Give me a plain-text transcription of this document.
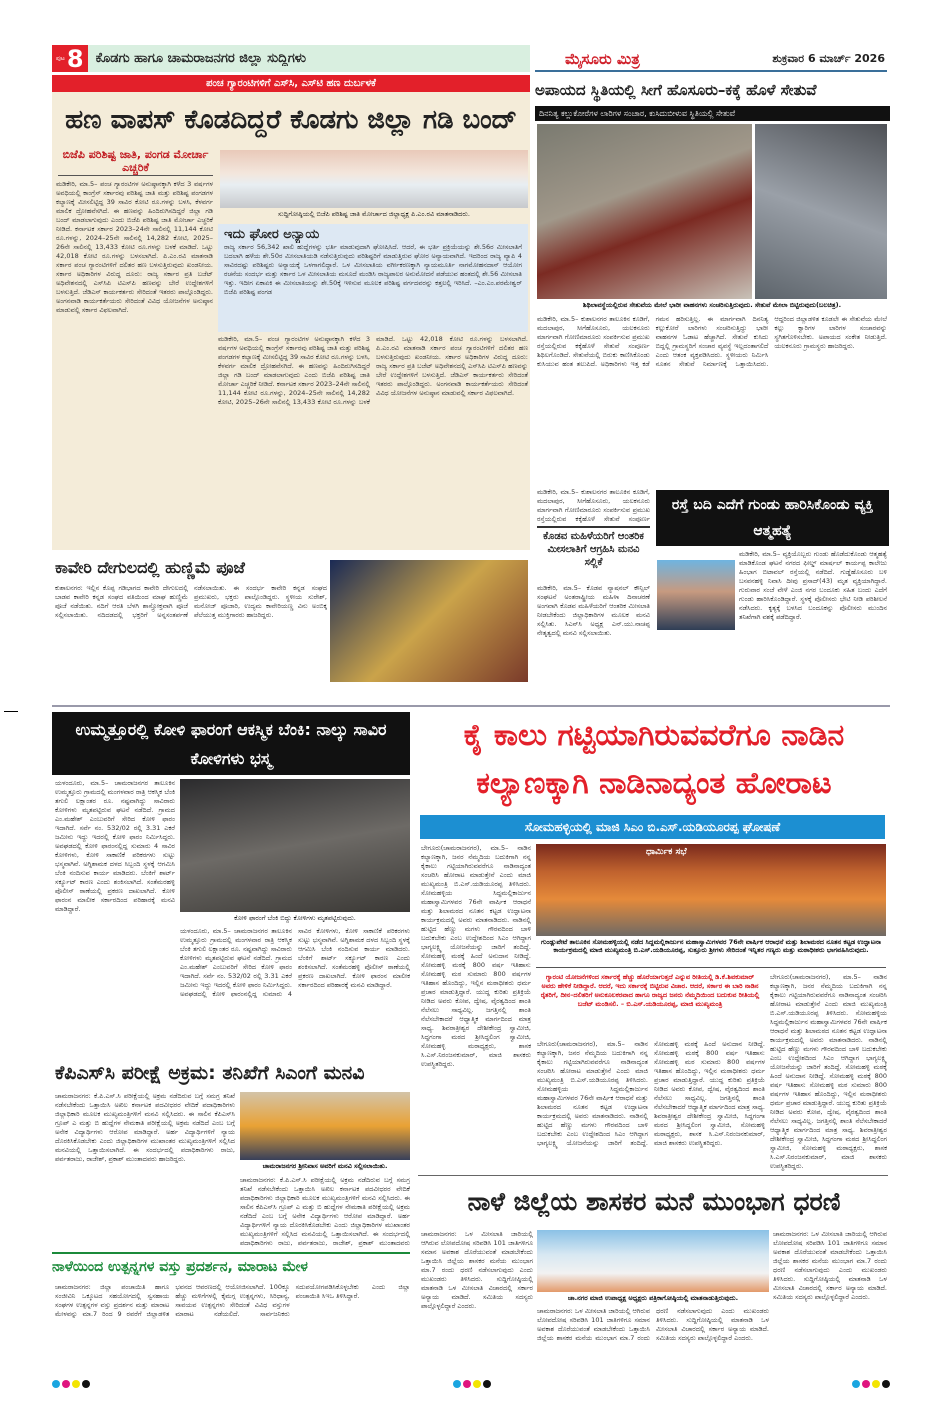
ಪುಟ 8 ಕೊಡಗು ಹಾಗೂ ಚಾಮರಾಜನಗರ ಜಿಲ್ಲಾ ಸುದ್ದಿಗಳು	ಮೈಸೂರು ಮಿತ್ರ	ಶುಕ್ರವಾರ 6 ಮಾರ್ಚ್ 2026
ಪಂಚ ಗ್ಯಾರಂಟಿಗಳಿಗೆ ಎಸ್‌ಸಿ, ಎಸ್‌ಟಿ ಹಣ ದುರ್ಬಳಕೆ
ಹಣ ವಾಪಸ್ ಕೊಡದಿದ್ದರೆ ಕೊಡಗು ಜಿಲ್ಲಾ ಗಡಿ ಬಂದ್
ಬಿಜೆಪಿ ಪರಿಶಿಷ್ಟ ಜಾತಿ, ಪಂಗಡ ಮೋರ್ಚಾ ಎಚ್ಚರಿಕೆ
ಸುದ್ದಿಗೋಷ್ಠಿಯಲ್ಲಿ ಬಿಜೆಪಿ ಪರಿಶಿಷ್ಟ ಜಾತಿ ಮೋರ್ಚಾದ ಜಿಲ್ಲಾಧ್ಯಕ್ಷ ಪಿ.ಎಂ.ರವಿ ಮಾತನಾಡಿದರು.
ಮಡಿಕೇರಿ, ಮಾ.5– ಪಂಚ ಗ್ಯಾರಂಟಿಗಳ ಅನುಷ್ಠಾನಕ್ಕಾಗಿ ಕಳೆದ 3 ವರ್ಷಗಳ ಅವಧಿಯಲ್ಲಿ ಕಾಂಗ್ರೆಸ್ ಸರ್ಕಾರವು ಪರಿಶಿಷ್ಟ ಜಾತಿ ಮತ್ತು ಪರಿಶಿಷ್ಟ ಪಂಗಡಗಳ ಕಲ್ಯಾಣಕ್ಕೆ ಮೀಸಲಿಟ್ಟಿದ್ದ 39 ಸಾವಿರ ಕೋಟಿ ರೂ.ಗಳನ್ನು ಬಳಸಿ, ಕೆಳವರ್ಗ ಮಾಲಿಕ ದ್ರೋಹವೆಸಗಿದೆ. ಈ ಹಣವನ್ನು ಹಿಂದಿರುಗಿಸದಿದ್ದರೆ ಜಿಲ್ಲಾ ಗಡಿ ಬಂದ್ ಮಾಡಲಾಗುವುದು ಎಂದು ಬಿಜೆಪಿ ಪರಿಶಿಷ್ಟ ಜಾತಿ ಮೋರ್ಚಾ ಎಚ್ಚರಿಕೆ ನೀಡಿದೆ. ಕರ್ನಾಟಕ ಸರ್ಕಾರ 2023–24ನೇ ಸಾಲಿನಲ್ಲಿ 11,144 ಕೋಟಿ ರೂ.ಗಳನ್ನು, 2024–25ನೇ ಸಾಲಿನಲ್ಲಿ 14,282 ಕೋಟಿ, 2025–26ನೇ ಸಾಲಿನಲ್ಲಿ 13,433 ಕೋಟಿ ರೂ.ಗಳನ್ನು ಬಳಕೆ ಮಾಡಿದೆ. ಒಟ್ಟು 42,018 ಕೋಟಿ ರೂ.ಗಳನ್ನು ಬಳಸಲಾಗಿದೆ. ಪಿ.ಎಂ.ರವಿ ಮಾತನಾಡಿ ಸರ್ಕಾರ ಪಂಚ ಗ್ಯಾರಂಟಿಗಳಿಗೆ ದಲಿತರ ಹಣ ಬಳಸುತ್ತಿರುವುದು ಖಂಡನೀಯ. ಸರ್ಕಾರ ಅಧಿಕಾರಿಗಳ ವಿರುದ್ಧ ದೂರು: ರಾಜ್ಯ ಸರ್ಕಾರ ಪ್ರತಿ ಬಜೆಟ್ ಅಧಿವೇಶನದಲ್ಲಿ ಎಸ್‌ಸಿಪಿ ಟಿಎಸ್‌ಪಿ ಹಣವನ್ನು ಬೇರೆ ಉದ್ದೇಶಗಳಿಗೆ ಬಳಸುತ್ತಿದೆ. ಜೆಡಿಎಸ್ ಕಾರ್ಯಕರ್ತರು ಸೇರಿದಂತೆ ಇತರರು ಪಾಲ್ಗೊಂಡಿದ್ದರು. ಅಂಗನವಾಡಿ ಕಾರ್ಯಕರ್ತೆಯರು ಸೇರಿದಂತೆ ವಿವಿಧ ಯೋಜನೆಗಳ ಅನುಷ್ಠಾನ ಮಾಡುವಲ್ಲಿ ಸರ್ಕಾರ ವಿಫಲವಾಗಿದೆ.
ಇದು ಘೋರ ಅನ್ಯಾಯ
ರಾಜ್ಯ ಸರ್ಕಾರ 56,342 ಖಾಲಿ ಹುದ್ದೆಗಳನ್ನು ಭರ್ತಿ ಮಾಡುವುದಾಗಿ ಘೋಷಿಸಿದೆ. ಆದರೆ, ಈ ಭರ್ತಿ ಪ್ರಕ್ರಿಯೆಯನ್ನು ಶೇ.56ರ ಮೀಸಲಾತಿಗೆ ಬದಲಾಗಿ ಹಳೆಯ ಶೇ.50ರ ಮೀಸಲಾತಿಯಡಿ ನಡೆಸುತ್ತಿರುವುದು ಪರಿಶಿಷ್ಟರಿಗೆ ಮಾಡುತ್ತಿರುವ ಘೋರ ಅನ್ಯಾಯವಾಗಿದೆ. ಇದರಿಂದ ರಾಜ್ಯ ವ್ಯಾಪಿ 4 ಸಾವಿರದಷ್ಟು ಪರಿಶಿಷ್ಟರು ಅನ್ಯಾಯಕ್ಕೆ ಒಳಗಾಗಲಿದ್ದಾರೆ. ಒಳ ಮೀಸಲಾತಿಯ ವರ್ಗೀಕರಣಕ್ಕಾಗಿ ನ್ಯಾಯಮೂರ್ತಿ ನಾಗಮೋಹನದಾಸ್ ಆಯೋಗ ರಚನೆಯ ಸಂದರ್ಭ ಮತ್ತು ಸರ್ಕಾರ ಒಳ ಮೀಸಲಾತಿಯ ಮಸೂದೆ ಮಂಡಿಸಿ ರಾಜ್ಯಪಾಲರ ಅನುಮೋದನೆ ಪಡೆಯುವ ಹಂತದಲ್ಲಿ ಶೇ.56 ಮೀಸಲಾತಿ ಇತ್ತು. ಇದೀಗ ಏಕಾಏಕಿ ಈ ಮೀಸಲಾತಿಯನ್ನು ಶೇ.50ಕ್ಕೆ ಇಳಿಸುವ ಮೂಲಕ ಪರಿಶಿಷ್ಟ ವರ್ಗದವರನ್ನು ಕತ್ತಲಲ್ಲಿ ಇರಿಸಿದೆ. –ಎಂ.ಎಂ.ಪರಮೇಶ್ವರ್ ಬಿಜೆಪಿ ಪರಿಶಿಷ್ಟ ಪಂಗಡ
ಮಡಿಕೇರಿ, ಮಾ.5– ಪಂಚ ಗ್ಯಾರಂಟಿಗಳ ಅನುಷ್ಠಾನಕ್ಕಾಗಿ ಕಳೆದ 3 ವರ್ಷಗಳ ಅವಧಿಯಲ್ಲಿ ಕಾಂಗ್ರೆಸ್ ಸರ್ಕಾರವು ಪರಿಶಿಷ್ಟ ಜಾತಿ ಮತ್ತು ಪರಿಶಿಷ್ಟ ಪಂಗಡಗಳ ಕಲ್ಯಾಣಕ್ಕೆ ಮೀಸಲಿಟ್ಟಿದ್ದ 39 ಸಾವಿರ ಕೋಟಿ ರೂ.ಗಳನ್ನು ಬಳಸಿ, ಕೆಳವರ್ಗ ಮಾಲಿಕ ದ್ರೋಹವೆಸಗಿದೆ. ಈ ಹಣವನ್ನು ಹಿಂದಿರುಗಿಸದಿದ್ದರೆ ಜಿಲ್ಲಾ ಗಡಿ ಬಂದ್ ಮಾಡಲಾಗುವುದು ಎಂದು ಬಿಜೆಪಿ ಪರಿಶಿಷ್ಟ ಜಾತಿ ಮೋರ್ಚಾ ಎಚ್ಚರಿಕೆ ನೀಡಿದೆ. ಕರ್ನಾಟಕ ಸರ್ಕಾರ 2023–24ನೇ ಸಾಲಿನಲ್ಲಿ 11,144 ಕೋಟಿ ರೂ.ಗಳನ್ನು, 2024–25ನೇ ಸಾಲಿನಲ್ಲಿ 14,282 ಕೋಟಿ, 2025–26ನೇ ಸಾಲಿನಲ್ಲಿ 13,433 ಕೋಟಿ ರೂ.ಗಳನ್ನು ಬಳಕೆ ಮಾಡಿದೆ. ಒಟ್ಟು 42,018 ಕೋಟಿ ರೂ.ಗಳನ್ನು ಬಳಸಲಾಗಿದೆ. ಪಿ.ಎಂ.ರವಿ ಮಾತನಾಡಿ ಸರ್ಕಾರ ಪಂಚ ಗ್ಯಾರಂಟಿಗಳಿಗೆ ದಲಿತರ ಹಣ ಬಳಸುತ್ತಿರುವುದು ಖಂಡನೀಯ. ಸರ್ಕಾರ ಅಧಿಕಾರಿಗಳ ವಿರುದ್ಧ ದೂರು: ರಾಜ್ಯ ಸರ್ಕಾರ ಪ್ರತಿ ಬಜೆಟ್ ಅಧಿವೇಶನದಲ್ಲಿ ಎಸ್‌ಸಿಪಿ ಟಿಎಸ್‌ಪಿ ಹಣವನ್ನು ಬೇರೆ ಉದ್ದೇಶಗಳಿಗೆ ಬಳಸುತ್ತಿದೆ. ಜೆಡಿಎಸ್ ಕಾರ್ಯಕರ್ತರು ಸೇರಿದಂತೆ ಇತರರು ಪಾಲ್ಗೊಂಡಿದ್ದರು. ಅಂಗನವಾಡಿ ಕಾರ್ಯಕರ್ತೆಯರು ಸೇರಿದಂತೆ ವಿವಿಧ ಯೋಜನೆಗಳ ಅನುಷ್ಠಾನ ಮಾಡುವಲ್ಲಿ ಸರ್ಕಾರ ವಿಫಲವಾಗಿದೆ.
ಅಪಾಯದ ಸ್ಥಿತಿಯಲ್ಲಿ ಸೀಗೆ ಹೊಸೂರು–ಕಕ್ಕೆ ಹೊಳೆ ಸೇತುವೆ
ದಿನನಿತ್ಯ ಕಲ್ಲುಕೋರೆಗಳ ಲಾರಿಗಳ ಸಂಚಾರ, ಕುಸಿದುಬೀಳುವ ಸ್ಥಿತಿಯಲ್ಲಿ ಸೇತುವೆ
ಶಿಥಿಲಾವಸ್ಥೆಯಲ್ಲಿರುವ ಸೇತುವೆಯ ಮೇಲೆ ಭಾರೀ ವಾಹನಗಳು ಸಂಚರಿಸುತ್ತಿರುವುದು. ಸೇತುವೆ ಮೇಲಾ ಬಿಟ್ಟಿರುವುದು(ಬಲಚಿತ್ರ).
ಮಡಿಕೇರಿ, ಮಾ.5– ಕುಶಾಲನಗರ ತಾಲೂಕಿನ ಕೂಡಿಗೆ, ಮದಲಾಪುರ, ಸೀಗೆಹೊಸೂರು, ಯಲಕನೂರು ಮಾರ್ಗವಾಗಿ ಗೋಣಿಮಾರೂರು ಸಂಪರ್ಕಿಸುವ ಪ್ರಮುಖ ರಸ್ತೆಯಲ್ಲಿರುವ ಕಕ್ಕೆಹೊಳೆ ಸೇತುವೆ ಸಂಪೂರ್ಣ ಶಿಥಿಲಗೊಂಡಿದೆ. ಸೇತುವೆಯಲ್ಲಿ ಬಿರುಕು ಕಾಣಿಸಿಕೊಂಡು ಕುಸಿಯುವ ಹಂತ ತಲುಪಿದೆ. ಅಧಿಕಾರಿಗಳು ಇತ್ತ ಕಡೆ ಗಮನ ಹರಿಸುತ್ತಿಲ್ಲ. ಈ ಮಾರ್ಗವಾಗಿ ದಿನನಿತ್ಯ ಕಲ್ಲುಕೋರೆ ಲಾರಿಗಳು ಸಂಚರಿಸುತ್ತಿದ್ದು ಭಾರೀ ವಾಹನಗಳ ಓಡಾಟ ಹೆಚ್ಚಾಗಿದೆ. ಸೇತುವೆ ಕುಸಿದು ಬಿದ್ದಲ್ಲಿ ಗ್ರಾಮಸ್ಥರಿಗೆ ಸಂಚಾರ ವ್ಯವಸ್ಥೆ ಇಲ್ಲದಂತಾಗಲಿದೆ ಎಂದು ಆತಂಕ ವ್ಯಕ್ತಪಡಿಸಿದರು. ಸ್ಥಳೀಯರು ನಿರ್ಮಿಸಿ ನೂತನ ಸೇತುವೆ ನಿರ್ಮಾಣಕ್ಕೆ ಒತ್ತಾಯಿಸಿದರು. ಆದ್ದರಿಂದ ಜಿಲ್ಲಾಡಳಿತ ಕೂಡಲೇ ಈ ಸೇತುವೆಯ ಮೇಲೆ ಕಲ್ಲು ಕ್ವಾರಿಗಳ ಲಾರಿಗಳ ಸಂಚಾರವನ್ನು ಸ್ಥಗಿತಗೊಳಿಸಬೇಕು. ಅಪಾಯದ ಸಂಕೇತ ನೀಡುತ್ತಿದೆ. ಯಲಕನೂರು ಗ್ರಾಮಸ್ಥರು ಹಾಜರಿದ್ದರು.
ಮಡಿಕೇರಿ, ಮಾ.5– ಕುಶಾಲನಗರ ತಾಲೂಕಿನ ಕೂಡಿಗೆ, ಮದಲಾಪುರ, ಸೀಗೆಹೊಸೂರು, ಯಲಕನೂರು ಮಾರ್ಗವಾಗಿ ಗೋಣಿಮಾರೂರು ಸಂಪರ್ಕಿಸುವ ಪ್ರಮುಖ ರಸ್ತೆಯಲ್ಲಿರುವ ಕಕ್ಕೆಹೊಳೆ ಸೇತುವೆ ಸಂಪೂರ್ಣ
ಕೊಡವ ಮಹಿಳೆಯರಿಗೆ ಆಂತರಿಕ ಮೀಸಲಾತಿಗೆ ಆಗ್ರಹಿಸಿ ಮನವಿ ಸಲ್ಲಿಕೆ
ಮಡಿಕೇರಿ, ಮಾ.5– ಕೊಡವ ನ್ಯಾಷನಲ್ ಕೌನ್ಸಿಲ್ ಸಂಘಟನೆ ಅಂತರಾಷ್ಟ್ರೀಯ ಮಹಿಳಾ ದಿನಾಚರಣೆ ಅಂಗವಾಗಿ ಕೊಡವ ಮಹಿಳೆಯರಿಗೆ ಆಂತರಿಕ ಮೀಸಲಾತಿ ನೀಡಬೇಕೆಂದು ಜಿಲ್ಲಾಧಿಕಾರಿಗಳ ಮೂಲಕ ಮನವಿ ಸಲ್ಲಿಸಿತು. ಸಿಎನ್‌ಸಿ ಅಧ್ಯಕ್ಷ ಎನ್.ಯು.ನಾಚಪ್ಪ ನೇತೃತ್ವದಲ್ಲಿ ಮನವಿ ಸಲ್ಲಿಸಲಾಯಿತು.
ರಸ್ತೆ ಬದಿ ಎದೆಗೆ ಗುಂಡು ಹಾರಿಸಿಕೊಂಡು ವ್ಯಕ್ತಿ ಆತ್ಮಹತ್ಯೆ
ಮಡಿಕೇರಿ, ಮಾ.5– ವ್ಯಕ್ತಿಯೊಬ್ಬರು ಗುಂಡು ಹೊಡೆದುಕೊಂಡು ಆತ್ಮಹತ್ಯೆ ಮಾಡಿಕೊಂಡ ಘಟನೆ ನಗರದ ಫೀಲ್ಡ್ ಮಾರ್ಷಲ್ ಕಾರ್ಯಪ್ಪ ಕಾಲೇಜು ಹಿಂಭಾಗ ಬಿಟಾವಲ್ ರಸ್ತೆಯಲ್ಲಿ ನಡೆದಿದೆ. ಗುಡ್ಡೆಹೊಸೂರು ಬಳಿ ಬಸವನಹಳ್ಳಿ ನಿವಾಸಿ ದೀಪು ಪ್ರಸಾದ್(43) ಮೃತ ವ್ಯಕ್ತಿಯಾಗಿದ್ದಾರೆ. ಗುರುವಾರ ಸಂಜೆ ವೇಳೆ ಎಂಜಿ ನಗರ ಬಂದೂಕು ಸಹಿತ ಬಂದು ಎದೆಗೆ ಗುಂಡು ಹಾರಿಸಿಕೊಂಡಿದ್ದಾರೆ. ಸ್ಥಳಕ್ಕೆ ಪೊಲೀಸರು ಭೇಟಿ ನೀಡಿ ಪರಿಶೀಲನೆ ನಡೆಸಿದರು. ಕೃತ್ಯಕ್ಕೆ ಬಳಸಿದ ಬಂದೂಕನ್ನು ಪೊಲೀಸರು ಮುಂದಿನ ತನಿಖೆಗಾಗಿ ವಶಕ್ಕೆ ಪಡೆದಿದ್ದಾರೆ.
ಕಾವೇರಿ ದೇಗುಲದಲ್ಲಿ ಹುಣ್ಣಿಮೆ ಪೂಜೆ
ಕುಶಾಲನಗರ: ಇಲ್ಲಿನ ಕೊಪ್ಪ ಗಡಿಭಾಗದ ಕಾವೇರಿ ದೇಗುಲದಲ್ಲಿ ಬಾಡವ ಕಾವೇರಿ ಕನ್ನಡ ಸಂಘದ ವತಿಯಿಂದ ಮಾಘ ಹುಣ್ಣಿಮೆ ಪೂಜೆ ನಡೆಯಿತು. ನದಿಗೆ ಆರತಿ ಬೆಳಗಿ ಶಾಸ್ತ್ರೋಕ್ತವಾಗಿ ಪೂಜೆ ಸಲ್ಲಿಸಲಾಯಿತು. ನದಿದಡದಲ್ಲಿ ಭಕ್ತರಿಗೆ ಅನ್ನಸಂತರ್ಪಣೆ ನಡೆಸಲಾಯಿತು. ಈ ಸಂದರ್ಭ ಕಾವೇರಿ ಕನ್ನಡ ಸಂಘದ ಪ್ರಮುಖರು, ಭಕ್ತರು ಪಾಲ್ಗೊಂಡಿದ್ದರು. ಸ್ಥಳೀಯ ಸುರೇಶ್, ಮನೋಜ್ ಪೂಜಾರಿ, ಉದ್ಯಮ ಕಾವೇರಿಯಣ್ಣ ವಿನು ಅಂಬಿಕ್ಕ ಪೆಲೆಯುತ್ತ ಮುಕ್ತಿಗಾರರು ಹಾಜರಿದ್ದರು.
ಉಮ್ಮತ್ತೂರಲ್ಲಿ ಕೋಳಿ ಫಾರಂಗೆ ಆಕಸ್ಮಿಕ ಬೆಂಕಿ: ನಾಲ್ಕು ಸಾವಿರ ಕೋಳಿಗಳು ಭಸ್ಮ
ಯಳಂದೂರು, ಮಾ.5– ಚಾಮರಾಜನಗರ ತಾಲೂಕಿನ ಉಮ್ಮತ್ತೂರು ಗ್ರಾಮದಲ್ಲಿ ಮಂಗಳವಾರ ರಾತ್ರಿ ಆಕಸ್ಮಿಕ ಬೆಂಕಿ ತಗುಲಿ ಲಕ್ಷಾಂತರ ರೂ. ನಷ್ಟವಾಗಿದ್ದು ಸಾವಿರಾರು ಕೋಳಿಗಳು ಮೃತಪಟ್ಟಿರುವ ಘಟನೆ ನಡೆದಿದೆ. ಗ್ರಾಮದ ಎಂ.ಮಹೇಶ್ ಎಂಬುವರಿಗೆ ಸೇರಿದ ಕೋಳಿ ಫಾರಂ ಇದಾಗಿದೆ. ಸರ್ವೆ ನಂ. 532/02 ರಲ್ಲಿ 3.31 ಎಕರೆ ಜಮೀನು ಇದ್ದು ಇದರಲ್ಲಿ ಕೋಳಿ ಫಾರಂ ನಿರ್ಮಿಸಿದ್ದರು. ಅವಘಡದಲ್ಲಿ ಕೋಳಿ ಫಾರಂನಲ್ಲಿದ್ದ ಸುಮಾರು 4 ಸಾವಿರ ಕೋಳಿಗಳು, ಕೋಳಿ ಸಾಕಾಣಿಕೆ ಪರಿಕರಗಳು ಸುಟ್ಟು ಭಸ್ಮವಾಗಿವೆ. ಅಗ್ನಿಶಾಮಕ ದಳದ ಸಿಬ್ಬಂದಿ ಸ್ಥಳಕ್ಕೆ ಆಗಮಿಸಿ ಬೆಂಕಿ ನಂದಿಸುವ ಕಾರ್ಯ ಮಾಡಿದರು. ಬೆಂಕಿಗೆ ಶಾರ್ಟ್ ಸರ್ಕ್ಯೂಟ್ ಕಾರಣ ಎಂದು ಶಂಕಿಸಲಾಗಿದೆ. ಸಂತೆಮರಹಳ್ಳಿ ಪೊಲೀಸ್ ಠಾಣೆಯಲ್ಲಿ ಪ್ರಕರಣ ದಾಖಲಾಗಿದೆ. ಕೋಳಿ ಫಾರಂನ ಮಾಲೀಕ ಸರ್ಕಾರದಿಂದ ಪರಿಹಾರಕ್ಕೆ ಮನವಿ ಮಾಡಿದ್ದಾರೆ.
ಕೋಳಿ ಫಾರಂಗೆ ಬೆಂಕಿ ಬಿದ್ದು ಕೋಳಿಗಳು ಮೃತಪಟ್ಟಿರುವುದು.
ಯಳಂದೂರು, ಮಾ.5– ಚಾಮರಾಜನಗರ ತಾಲೂಕಿನ ಉಮ್ಮತ್ತೂರು ಗ್ರಾಮದಲ್ಲಿ ಮಂಗಳವಾರ ರಾತ್ರಿ ಆಕಸ್ಮಿಕ ಬೆಂಕಿ ತಗುಲಿ ಲಕ್ಷಾಂತರ ರೂ. ನಷ್ಟವಾಗಿದ್ದು ಸಾವಿರಾರು ಕೋಳಿಗಳು ಮೃತಪಟ್ಟಿರುವ ಘಟನೆ ನಡೆದಿದೆ. ಗ್ರಾಮದ ಎಂ.ಮಹೇಶ್ ಎಂಬುವರಿಗೆ ಸೇರಿದ ಕೋಳಿ ಫಾರಂ ಇದಾಗಿದೆ. ಸರ್ವೆ ನಂ. 532/02 ರಲ್ಲಿ 3.31 ಎಕರೆ ಜಮೀನು ಇದ್ದು ಇದರಲ್ಲಿ ಕೋಳಿ ಫಾರಂ ನಿರ್ಮಿಸಿದ್ದರು. ಅವಘಡದಲ್ಲಿ ಕೋಳಿ ಫಾರಂನಲ್ಲಿದ್ದ ಸುಮಾರು 4 ಸಾವಿರ ಕೋಳಿಗಳು, ಕೋಳಿ ಸಾಕಾಣಿಕೆ ಪರಿಕರಗಳು ಸುಟ್ಟು ಭಸ್ಮವಾಗಿವೆ. ಅಗ್ನಿಶಾಮಕ ದಳದ ಸಿಬ್ಬಂದಿ ಸ್ಥಳಕ್ಕೆ ಆಗಮಿಸಿ ಬೆಂಕಿ ನಂದಿಸುವ ಕಾರ್ಯ ಮಾಡಿದರು. ಬೆಂಕಿಗೆ ಶಾರ್ಟ್ ಸರ್ಕ್ಯೂಟ್ ಕಾರಣ ಎಂದು ಶಂಕಿಸಲಾಗಿದೆ. ಸಂತೆಮರಹಳ್ಳಿ ಪೊಲೀಸ್ ಠಾಣೆಯಲ್ಲಿ ಪ್ರಕರಣ ದಾಖಲಾಗಿದೆ. ಕೋಳಿ ಫಾರಂನ ಮಾಲೀಕ ಸರ್ಕಾರದಿಂದ ಪರಿಹಾರಕ್ಕೆ ಮನವಿ ಮಾಡಿದ್ದಾರೆ.
ಕೈ ಕಾಲು ಗಟ್ಟಿಯಾಗಿರುವವರೆಗೂ ನಾಡಿನ ಕಲ್ಯಾಣಕ್ಕಾಗಿ ನಾಡಿನಾದ್ಯಂತ ಹೋರಾಟ
ಸೋಮಹಳ್ಳಿಯಲ್ಲಿ ಮಾಜಿ ಸಿಎಂ ಬಿ.ಎಸ್.ಯಡಿಯೂರಪ್ಪ ಘೋಷಣೆ
ಬೇಗೂರು(ಚಾಮರಾಜನಗರ), ಮಾ.5– ನಾಡಿನ ಕಲ್ಯಾಣಕ್ಕಾಗಿ, ಜನರ ನೆಮ್ಮದಿಯ ಬದುಕಿಗಾಗಿ ನನ್ನ ಕೈಕಾಲು ಗಟ್ಟಿಯಾಗಿರುವವರೆಗೂ ನಾಡಿನಾದ್ಯಂತ ಸಂಚರಿಸಿ ಹೋರಾಟ ಮಾಡುತ್ತೇನೆ ಎಂದು ಮಾಜಿ ಮುಖ್ಯಮಂತ್ರಿ ಬಿ.ಎಸ್.ಯಡಿಯೂರಪ್ಪ ತಿಳಿಸಿದರು. ಸೋಮಹಳ್ಳಿಯ ಸಿದ್ಧಮಲ್ಲಿಕಾರ್ಜುನ ಮಹಾಸ್ವಾಮಿಗಳವರ 76ನೇ ವಾರ್ಷಿಕ ಆರಾಧನೆ ಮತ್ತು ಶಿಲಾಮಠದ ನೂತನ ಕಟ್ಟಡ ಉದ್ಘಾಟನಾ ಕಾರ್ಯಕ್ರಮದಲ್ಲಿ ಅವರು ಮಾತನಾಡಿದರು. ನಾಡಿನಲ್ಲಿ ಹುಟ್ಟಿದ ಹೆಣ್ಣು ಮಗಳು ಗೌರವದಿಂದ ಬಾಳಿ ಬದುಕಬೇಕು ಎಂಬ ಉದ್ದೇಶದಿಂದ ಸಿಎಂ ಆಗಿದ್ದಾಗ ಭಾಗ್ಯಲಕ್ಷ್ಮಿ ಯೋಜನೆಯನ್ನು ಜಾರಿಗೆ ತಂದಿದ್ದೆ. ಸೋಮಹಳ್ಳಿ ಮಠಕ್ಕೆ ಹಿಂದೆ ಅನುದಾನ ನೀಡಿದ್ದೆ. ಸೋಮಹಳ್ಳಿ ಮಠಕ್ಕೆ 800 ವರ್ಷ ಇತಿಹಾಸ: ಸೋಮಹಳ್ಳಿ ಮಠ ಸುಮಾರು 800 ವರ್ಷಗಳ ಇತಿಹಾಸ ಹೊಂದಿದ್ದು, ಇಲ್ಲಿನ ಮಠಾಧೀಶರು ಧರ್ಮ ಪ್ರಚಾರ ಮಾಡುತ್ತಿದ್ದಾರೆ. ಯುದ್ಧ ಕುರಿತು ಪ್ರತಿಕ್ರಿಯೆ ನೀಡಿದ ಅವರು ಕೋಪ, ದ್ವೇಷ, ವೈರತ್ವದಿಂದ ಶಾಂತಿ ನೆಲೆಸಲು ಸಾಧ್ಯವಿಲ್ಲ. ಜಗತ್ತಿನಲ್ಲಿ ಶಾಂತಿ ನೆಲೆಸಬೇಕಾದರೆ ಆಧ್ಯಾತ್ಮಿಕ ಮಾರ್ಗದಿಂದ ಮಾತ್ರ ಸಾಧ್ಯ. ಶಿವರಾತ್ರೀಶ್ವರ ದೇಶೀಕೇಂದ್ರ ಸ್ವಾಮೀಜಿ, ಸಿದ್ಧಗಂಗಾ ಮಠದ ಶ್ರೀಸಿದ್ಧಲಿಂಗ ಸ್ವಾಮೀಜಿ, ಸೋಮಹಳ್ಳಿ ಮಠಾಧ್ಯಕ್ಷರು, ಶಾಸಕ ಸಿ.ಎಸ್.ನಿರಂಜನಕುಮಾರ್, ಮಾಜಿ ಶಾಸಕರು ಉಪಸ್ಥಿತರಿದ್ದರು.
ಧಾರ್ಮಿಕ ಸಭೆ
ಗುಂಡ್ಲುಪೇಟೆ ತಾಲೂಕಿನ ಸೋಮಹಳ್ಳಿಯಲ್ಲಿ ನಡೆದ ಸಿದ್ದಮಲ್ಲಿಕಾರ್ಜುನ ಮಹಾಸ್ವಾಮಿಗಳವರ 76ನೇ ವಾರ್ಷಿಕ ಆರಾಧನೆ ಮತ್ತು ಶಿಲಾಮಠದ ನೂತನ ಕಟ್ಟಡ ಉದ್ಘಾಟನಾ ಕಾರ್ಯಕ್ರಮದಲ್ಲಿ ಮಾಜಿ ಮುಖ್ಯಮಂತ್ರಿ ಬಿ.ಎಸ್.ಯಡಿಯೂರಪ್ಪ, ಸುತ್ತೂರು ಶ್ರೀಗಳು ಸೇರಿದಂತೆ ಇನ್ನಿತರ ಗಣ್ಯರು ಮತ್ತು ಮಠಾಧೀಶರು ಭಾಗವಹಿಸಿರುವುದು.
ಗ್ಯಾರಂಟಿ ಯೋಜನೆಗಳಿಂದ ಸರ್ಕಾರಕ್ಕೆ ಹೆಚ್ಚು ಹೊರೆಯಾಗುತ್ತದೆ ಎನ್ನುವ ರೀತಿಯಲ್ಲಿ ಡಿ.ಕೆ.ಶಿವಕುಮಾರ್ ಅವರು ಹೇಳಿಕೆ ನೀಡಿದ್ದಾರೆ. ಆದರೆ, ಇದು ಸರ್ಕಾರಕ್ಕೆ ಬಿಟ್ಟಿರುವ ವಿಚಾರ. ಆದರೆ, ಸರ್ಕಾರ ಈ ಬಾರಿ ನಾಡಿನ ರೈತರಿಗೆ, ದೀನ–ದಲಿತರಿಗೆ ಅನುಕೂಲಕರವಾದ ಹಾಗೂ ರಾಜ್ಯದ ಜನರು ನೆಮ್ಮದಿಯಿಂದ ಬದುಕುವ ರೀತಿಯಲ್ಲಿ ಬಜೆಟ್ ಮಂಡಿಸಲಿ. – ಬಿ.ಎಸ್.ಯಡಿಯೂರಪ್ಪ, ಮಾಜಿ ಮುಖ್ಯಮಂತ್ರಿ
ಬೇಗೂರು(ಚಾಮರಾಜನಗರ), ಮಾ.5– ನಾಡಿನ ಕಲ್ಯಾಣಕ್ಕಾಗಿ, ಜನರ ನೆಮ್ಮದಿಯ ಬದುಕಿಗಾಗಿ ನನ್ನ ಕೈಕಾಲು ಗಟ್ಟಿಯಾಗಿರುವವರೆಗೂ ನಾಡಿನಾದ್ಯಂತ ಸಂಚರಿಸಿ ಹೋರಾಟ ಮಾಡುತ್ತೇನೆ ಎಂದು ಮಾಜಿ ಮುಖ್ಯಮಂತ್ರಿ ಬಿ.ಎಸ್.ಯಡಿಯೂರಪ್ಪ ತಿಳಿಸಿದರು. ಸೋಮಹಳ್ಳಿಯ ಸಿದ್ಧಮಲ್ಲಿಕಾರ್ಜುನ ಮಹಾಸ್ವಾಮಿಗಳವರ 76ನೇ ವಾರ್ಷಿಕ ಆರಾಧನೆ ಮತ್ತು ಶಿಲಾಮಠದ ನೂತನ ಕಟ್ಟಡ ಉದ್ಘಾಟನಾ ಕಾರ್ಯಕ್ರಮದಲ್ಲಿ ಅವರು ಮಾತನಾಡಿದರು. ನಾಡಿನಲ್ಲಿ ಹುಟ್ಟಿದ ಹೆಣ್ಣು ಮಗಳು ಗೌರವದಿಂದ ಬಾಳಿ ಬದುಕಬೇಕು ಎಂಬ ಉದ್ದೇಶದಿಂದ ಸಿಎಂ ಆಗಿದ್ದಾಗ ಭಾಗ್ಯಲಕ್ಷ್ಮಿ ಯೋಜನೆಯನ್ನು ಜಾರಿಗೆ ತಂದಿದ್ದೆ. ಸೋಮಹಳ್ಳಿ ಮಠಕ್ಕೆ ಹಿಂದೆ ಅನುದಾನ ನೀಡಿದ್ದೆ. ಸೋಮಹಳ್ಳಿ ಮಠಕ್ಕೆ 800 ವರ್ಷ ಇತಿಹಾಸ: ಸೋಮಹಳ್ಳಿ ಮಠ ಸುಮಾರು 800 ವರ್ಷಗಳ ಇತಿಹಾಸ ಹೊಂದಿದ್ದು, ಇಲ್ಲಿನ ಮಠಾಧೀಶರು ಧರ್ಮ ಪ್ರಚಾರ ಮಾಡುತ್ತಿದ್ದಾರೆ. ಯುದ್ಧ ಕುರಿತು ಪ್ರತಿಕ್ರಿಯೆ ನೀಡಿದ ಅವರು ಕೋಪ, ದ್ವೇಷ, ವೈರತ್ವದಿಂದ ಶಾಂತಿ ನೆಲೆಸಲು ಸಾಧ್ಯವಿಲ್ಲ. ಜಗತ್ತಿನಲ್ಲಿ ಶಾಂತಿ ನೆಲೆಸಬೇಕಾದರೆ ಆಧ್ಯಾತ್ಮಿಕ ಮಾರ್ಗದಿಂದ ಮಾತ್ರ ಸಾಧ್ಯ. ಶಿವರಾತ್ರೀಶ್ವರ ದೇಶೀಕೇಂದ್ರ ಸ್ವಾಮೀಜಿ, ಸಿದ್ಧಗಂಗಾ ಮಠದ ಶ್ರೀಸಿದ್ಧಲಿಂಗ ಸ್ವಾಮೀಜಿ, ಸೋಮಹಳ್ಳಿ ಮಠಾಧ್ಯಕ್ಷರು, ಶಾಸಕ ಸಿ.ಎಸ್.ನಿರಂಜನಕುಮಾರ್, ಮಾಜಿ ಶಾಸಕರು ಉಪಸ್ಥಿತರಿದ್ದರು.
ಬೇಗೂರು(ಚಾಮರಾಜನಗರ), ಮಾ.5– ನಾಡಿನ ಕಲ್ಯಾಣಕ್ಕಾಗಿ, ಜನರ ನೆಮ್ಮದಿಯ ಬದುಕಿಗಾಗಿ ನನ್ನ ಕೈಕಾಲು ಗಟ್ಟಿಯಾಗಿರುವವರೆಗೂ ನಾಡಿನಾದ್ಯಂತ ಸಂಚರಿಸಿ ಹೋರಾಟ ಮಾಡುತ್ತೇನೆ ಎಂದು ಮಾಜಿ ಮುಖ್ಯಮಂತ್ರಿ ಬಿ.ಎಸ್.ಯಡಿಯೂರಪ್ಪ ತಿಳಿಸಿದರು. ಸೋಮಹಳ್ಳಿಯ ಸಿದ್ಧಮಲ್ಲಿಕಾರ್ಜುನ ಮಹಾಸ್ವಾಮಿಗಳವರ 76ನೇ ವಾರ್ಷಿಕ ಆರಾಧನೆ ಮತ್ತು ಶಿಲಾಮಠದ ನೂತನ ಕಟ್ಟಡ ಉದ್ಘಾಟನಾ ಕಾರ್ಯಕ್ರಮದಲ್ಲಿ ಅವರು ಮಾತನಾಡಿದರು. ನಾಡಿನಲ್ಲಿ ಹುಟ್ಟಿದ ಹೆಣ್ಣು ಮಗಳು ಗೌರವದಿಂದ ಬಾಳಿ ಬದುಕಬೇಕು ಎಂಬ ಉದ್ದೇಶದಿಂದ ಸಿಎಂ ಆಗಿದ್ದಾಗ ಭಾಗ್ಯಲಕ್ಷ್ಮಿ ಯೋಜನೆಯನ್ನು ಜಾರಿಗೆ ತಂದಿದ್ದೆ. ಸೋಮಹಳ್ಳಿ ಮಠಕ್ಕೆ ಹಿಂದೆ ಅನುದಾನ ನೀಡಿದ್ದೆ. ಸೋಮಹಳ್ಳಿ ಮಠಕ್ಕೆ 800 ವರ್ಷ ಇತಿಹಾಸ: ಸೋಮಹಳ್ಳಿ ಮಠ ಸುಮಾರು 800 ವರ್ಷಗಳ ಇತಿಹಾಸ ಹೊಂದಿದ್ದು, ಇಲ್ಲಿನ ಮಠಾಧೀಶರು ಧರ್ಮ ಪ್ರಚಾರ ಮಾಡುತ್ತಿದ್ದಾರೆ. ಯುದ್ಧ ಕುರಿತು ಪ್ರತಿಕ್ರಿಯೆ ನೀಡಿದ ಅವರು ಕೋಪ, ದ್ವೇಷ, ವೈರತ್ವದಿಂದ ಶಾಂತಿ ನೆಲೆಸಲು ಸಾಧ್ಯವಿಲ್ಲ. ಜಗತ್ತಿನಲ್ಲಿ ಶಾಂತಿ ನೆಲೆಸಬೇಕಾದರೆ ಆಧ್ಯಾತ್ಮಿಕ ಮಾರ್ಗದಿಂದ ಮಾತ್ರ ಸಾಧ್ಯ. ಶಿವರಾತ್ರೀಶ್ವರ ದೇಶೀಕೇಂದ್ರ ಸ್ವಾಮೀಜಿ, ಸಿದ್ಧಗಂಗಾ ಮಠದ ಶ್ರೀಸಿದ್ಧಲಿಂಗ ಸ್ವಾಮೀಜಿ, ಸೋಮಹಳ್ಳಿ ಮಠಾಧ್ಯಕ್ಷರು, ಶಾಸಕ ಸಿ.ಎಸ್.ನಿರಂಜನಕುಮಾರ್, ಮಾಜಿ ಶಾಸಕರು ಉಪಸ್ಥಿತರಿದ್ದರು.
ಕೆಪಿಎಸ್‌ಸಿ ಪರೀಕ್ಷೆ ಅಕ್ರಮ: ತನಿಖೆಗೆ ಸಿಎಂಗೆ ಮನವಿ
ಚಾಮರಾಜನಗರ: ಕೆ.ಪಿ.ಎಸ್.ಸಿ ಪರೀಕ್ಷೆಯಲ್ಲಿ ಅಕ್ರಮ ನಡೆದಿರುವ ಬಗ್ಗೆ ಸಮಗ್ರ ತನಿಖೆ ನಡೆಸಬೇಕೆಂದು ಒತ್ತಾಯಿಸಿ ಅಖಿಲ ಕರ್ನಾಟಕ ಪದವೀಧರರ ವೇದಿಕೆ ಪದಾಧಿಕಾರಿಗಳು ಜಿಲ್ಲಾಧಿಕಾರಿ ಮೂಲಕ ಮುಖ್ಯಮಂತ್ರಿಗಳಿಗೆ ಮನವಿ ಸಲ್ಲಿಸಿದರು. ಈ ಸಾಲಿನ ಕೆಪಿಎಸ್‌ಸಿ ಗ್ರೂಪ್ ಎ ಮತ್ತು ಬಿ ಹುದ್ದೆಗಳ ನೇಮಕಾತಿ ಪರೀಕ್ಷೆಯಲ್ಲಿ ಅಕ್ರಮ ನಡೆದಿದೆ ಎಂಬ ಬಗ್ಗೆ ಅನೇಕ ವಿದ್ಯಾರ್ಥಿಗಳು ಆರೋಪ ಮಾಡಿದ್ದಾರೆ. ಅರ್ಹ ವಿದ್ಯಾರ್ಥಿಗಳಿಗೆ ನ್ಯಾಯ ದೊರಕಿಸಿಕೊಡಬೇಕು ಎಂದು ಜಿಲ್ಲಾಧಿಕಾರಿಗಳ ಮುಖಾಂತರ ಮುಖ್ಯಮಂತ್ರಿಗಳಿಗೆ ಸಲ್ಲಿಸಿದ ಮನವಿಯಲ್ಲಿ ಒತ್ತಾಯಿಸಲಾಗಿದೆ. ಈ ಸಂದರ್ಭದಲ್ಲಿ ಪದಾಧಿಕಾರಿಗಳು ರಾಜು, ಪರ್ವತರಾಜು, ರಾಜೇಶ್, ಪ್ರಕಾಶ್ ಮುಂತಾದವರು ಹಾಜರಿದ್ದರು.
ಚಾಮರಾಜನಗರ ಶ್ರೀನಿವಾಸ ಅವರಿಗೆ ಮನವಿ ಸಲ್ಲಿಸಲಾಯಿತು.
ಚಾಮರಾಜನಗರ: ಕೆ.ಪಿ.ಎಸ್.ಸಿ ಪರೀಕ್ಷೆಯಲ್ಲಿ ಅಕ್ರಮ ನಡೆದಿರುವ ಬಗ್ಗೆ ಸಮಗ್ರ ತನಿಖೆ ನಡೆಸಬೇಕೆಂದು ಒತ್ತಾಯಿಸಿ ಅಖಿಲ ಕರ್ನಾಟಕ ಪದವೀಧರರ ವೇದಿಕೆ ಪದಾಧಿಕಾರಿಗಳು ಜಿಲ್ಲಾಧಿಕಾರಿ ಮೂಲಕ ಮುಖ್ಯಮಂತ್ರಿಗಳಿಗೆ ಮನವಿ ಸಲ್ಲಿಸಿದರು. ಈ ಸಾಲಿನ ಕೆಪಿಎಸ್‌ಸಿ ಗ್ರೂಪ್ ಎ ಮತ್ತು ಬಿ ಹುದ್ದೆಗಳ ನೇಮಕಾತಿ ಪರೀಕ್ಷೆಯಲ್ಲಿ ಅಕ್ರಮ ನಡೆದಿದೆ ಎಂಬ ಬಗ್ಗೆ ಅನೇಕ ವಿದ್ಯಾರ್ಥಿಗಳು ಆರೋಪ ಮಾಡಿದ್ದಾರೆ. ಅರ್ಹ ವಿದ್ಯಾರ್ಥಿಗಳಿಗೆ ನ್ಯಾಯ ದೊರಕಿಸಿಕೊಡಬೇಕು ಎಂದು ಜಿಲ್ಲಾಧಿಕಾರಿಗಳ ಮುಖಾಂತರ ಮುಖ್ಯಮಂತ್ರಿಗಳಿಗೆ ಸಲ್ಲಿಸಿದ ಮನವಿಯಲ್ಲಿ ಒತ್ತಾಯಿಸಲಾಗಿದೆ. ಈ ಸಂದರ್ಭದಲ್ಲಿ ಪದಾಧಿಕಾರಿಗಳು ರಾಜು, ಪರ್ವತರಾಜು, ರಾಜೇಶ್, ಪ್ರಕಾಶ್ ಮುಂತಾದವರು
ನಾಳೆಯಿಂದ ಉತ್ಪನ್ನಗಳ ವಸ್ತು ಪ್ರದರ್ಶನ, ಮಾರಾಟ ಮೇಳ
ಚಾಮರಾಜನಗರ: ಜಿಲ್ಲಾ ಪಂಚಾಯಿತಿ ಹಾಗೂ ಸಂಜೀವಿನಿ ಒಕ್ಕೂಟದ ಸಹಯೋಗದಲ್ಲಿ ಸ್ವಸಹಾಯ ಸಂಘಗಳ ಉತ್ಪನ್ನಗಳ ವಸ್ತು ಪ್ರದರ್ಶನ ಮತ್ತು ಮಾರಾಟ ಮೇಳವನ್ನು ಮಾ.7 ರಿಂದ 9 ರವರೆಗೆ ಜಿಲ್ಲಾಡಳಿತ ಭವನದ ಆವರಣದಲ್ಲಿ ಆಯೋಜಿಸಲಾಗಿದೆ. 100ಕ್ಕೂ ಹೆಚ್ಚು ಮಳಿಗೆಗಳಲ್ಲಿ ಕೈಮಗ್ಗ ಉತ್ಪನ್ನಗಳು, ಸಿರಿಧಾನ್ಯ, ಸಾವಯವ ಉತ್ಪನ್ನಗಳು ಸೇರಿದಂತೆ ವಿವಿಧ ವಸ್ತುಗಳ ಮಾರಾಟ ನಡೆಯಲಿದೆ. ಸಾರ್ವಜನಿಕರು ಸದುಪಯೋಗಪಡಿಸಿಕೊಳ್ಳಬೇಕು ಎಂದು ಜಿಲ್ಲಾ ಪಂಚಾಯಿತಿ ಸಿಇಒ ತಿಳಿಸಿದ್ದಾರೆ.
ನಾಳೆ ಜಿಲ್ಲೆಯ ಶಾಸಕರ ಮನೆ ಮುಂಭಾಗ ಧರಣಿ
ಚಾಮರಾಜನಗರ: ಒಳ ಮೀಸಲಾತಿ ಜಾರಿಯಲ್ಲಿ ಆಗಿರುವ ಲೋಪದೋಷ ಸರಿಪಡಿಸಿ 101 ಜಾತಿಗಳಿಗೂ ಸಮಾನ ಅವಕಾಶ ದೊರೆಯುವಂತೆ ಮಾಡಬೇಕೆಂದು ಒತ್ತಾಯಿಸಿ ಜಿಲ್ಲೆಯ ಶಾಸಕರ ಮನೆಯ ಮುಂಭಾಗ ಮಾ.7 ರಂದು ಧರಣಿ ನಡೆಸಲಾಗುವುದು ಎಂದು ಮುಖಂಡರು ತಿಳಿಸಿದರು. ಸುದ್ದಿಗೋಷ್ಠಿಯಲ್ಲಿ ಮಾತನಾಡಿ ಒಳ ಮೀಸಲಾತಿ ವಿಚಾರದಲ್ಲಿ ಸರ್ಕಾರ ಅನ್ಯಾಯ ಮಾಡಿದೆ. ಸಮಿತಿಯ ಸದಸ್ಯರು ಪಾಲ್ಗೊಳ್ಳಲಿದ್ದಾರೆ ಎಂದರು.
ಚಾ.ನಗರ ಮಾಜಿ ಉಪಾಧ್ಯಕ್ಷ ಅಧ್ಯಕ್ಷರು ಪತ್ರಿಕಾಗೋಷ್ಠಿಯಲ್ಲಿ ಮಾತನಾಡುತ್ತಿರುವುದು.
ಚಾಮರಾಜನಗರ: ಒಳ ಮೀಸಲಾತಿ ಜಾರಿಯಲ್ಲಿ ಆಗಿರುವ ಲೋಪದೋಷ ಸರಿಪಡಿಸಿ 101 ಜಾತಿಗಳಿಗೂ ಸಮಾನ ಅವಕಾಶ ದೊರೆಯುವಂತೆ ಮಾಡಬೇಕೆಂದು ಒತ್ತಾಯಿಸಿ ಜಿಲ್ಲೆಯ ಶಾಸಕರ ಮನೆಯ ಮುಂಭಾಗ ಮಾ.7 ರಂದು ಧರಣಿ ನಡೆಸಲಾಗುವುದು ಎಂದು ಮುಖಂಡರು ತಿಳಿಸಿದರು. ಸುದ್ದಿಗೋಷ್ಠಿಯಲ್ಲಿ ಮಾತನಾಡಿ ಒಳ ಮೀಸಲಾತಿ ವಿಚಾರದಲ್ಲಿ ಸರ್ಕಾರ ಅನ್ಯಾಯ ಮಾಡಿದೆ. ಸಮಿತಿಯ ಸದಸ್ಯರು ಪಾಲ್ಗೊಳ್ಳಲಿದ್ದಾರೆ ಎಂದರು.
ಚಾಮರಾಜನಗರ: ಒಳ ಮೀಸಲಾತಿ ಜಾರಿಯಲ್ಲಿ ಆಗಿರುವ ಲೋಪದೋಷ ಸರಿಪಡಿಸಿ 101 ಜಾತಿಗಳಿಗೂ ಸಮಾನ ಅವಕಾಶ ದೊರೆಯುವಂತೆ ಮಾಡಬೇಕೆಂದು ಒತ್ತಾಯಿಸಿ ಜಿಲ್ಲೆಯ ಶಾಸಕರ ಮನೆಯ ಮುಂಭಾಗ ಮಾ.7 ರಂದು ಧರಣಿ ನಡೆಸಲಾಗುವುದು ಎಂದು ಮುಖಂಡರು ತಿಳಿಸಿದರು. ಸುದ್ದಿಗೋಷ್ಠಿಯಲ್ಲಿ ಮಾತನಾಡಿ ಒಳ ಮೀಸಲಾತಿ ವಿಚಾರದಲ್ಲಿ ಸರ್ಕಾರ ಅನ್ಯಾಯ ಮಾಡಿದೆ. ಸಮಿತಿಯ ಸದಸ್ಯರು ಪಾಲ್ಗೊಳ್ಳಲಿದ್ದಾರೆ ಎಂದರು.
